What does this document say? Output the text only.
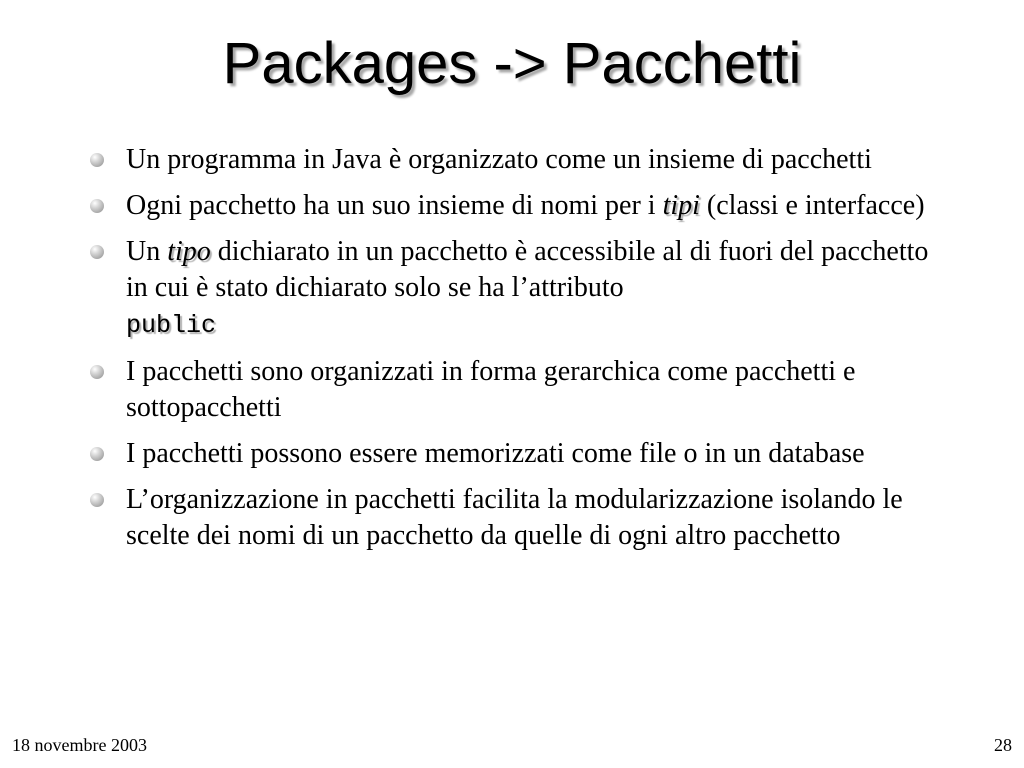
Packages -> Pacchetti
Un programma in Java è organizzato come un insieme di pacchetti
Ogni pacchetto ha un suo insieme di nomi per i tipi (classi e interfacce)
Un tipo dichiarato in un pacchetto è accessibile al di fuori del pacchetto in cui è stato dichiarato solo se ha l’attributo
public
I pacchetti sono organizzati in forma gerarchica come pacchetti e sottopacchetti
I pacchetti possono essere memorizzati come file o in un database
L’organizzazione in pacchetti facilita la modularizzazione isolando le scelte dei nomi di un pacchetto da quelle di ogni altro pacchetto
18 novembre 2003	28
